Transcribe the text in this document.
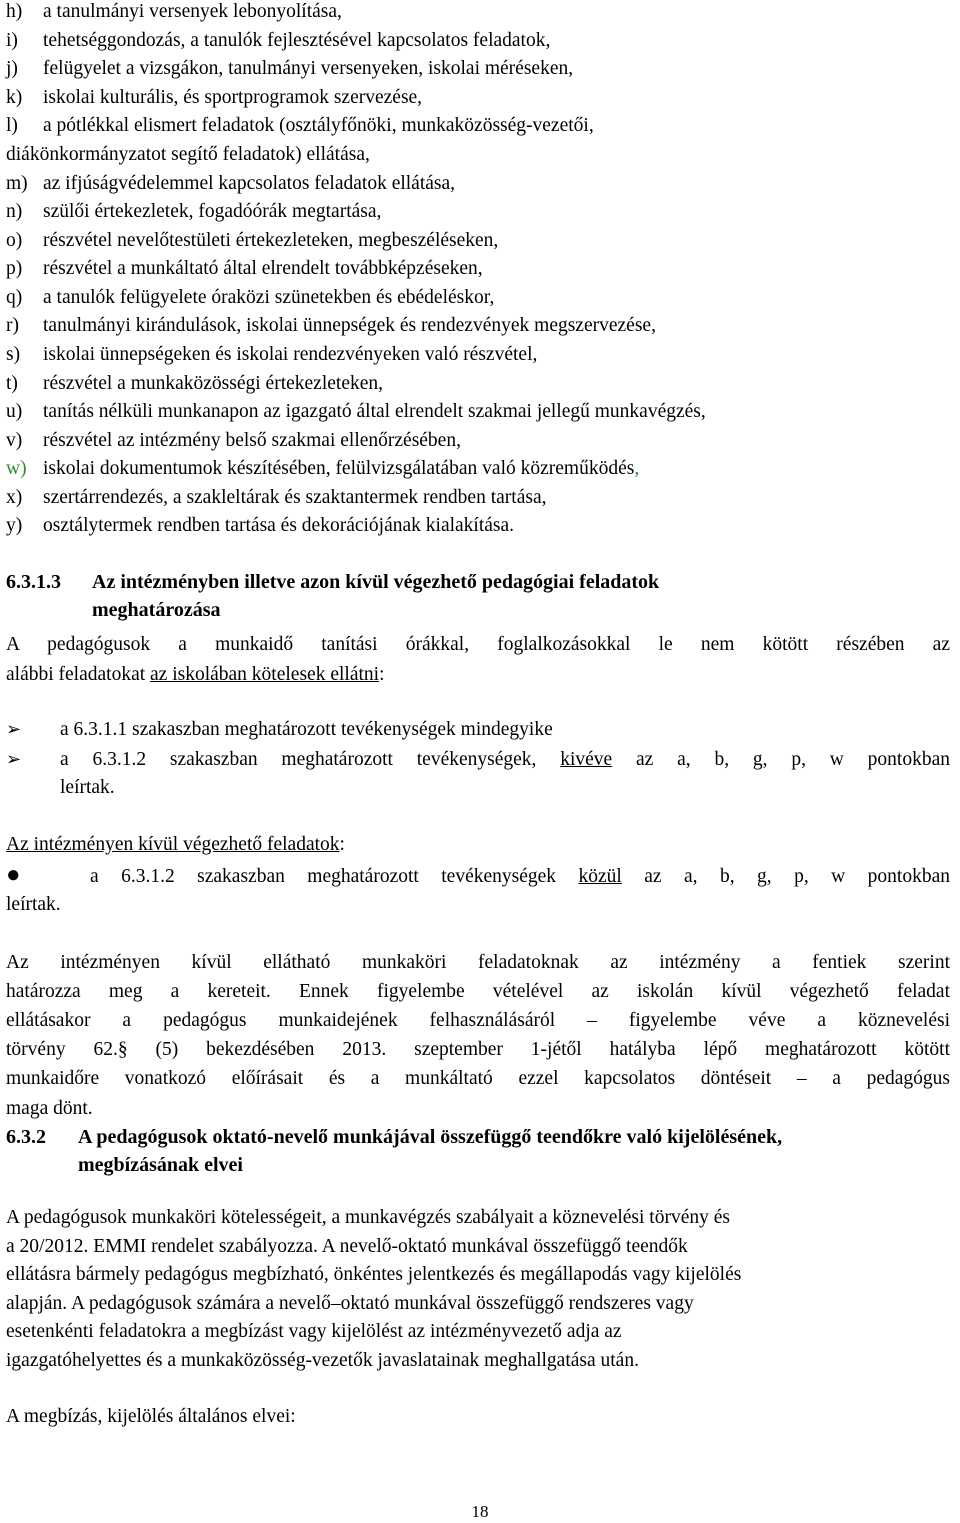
h)	a tanulmányi versenyek lebonyolítása,
i)	tehetséggondozás, a tanulók fejlesztésével kapcsolatos feladatok,
j)	felügyelet a vizsgákon, tanulmányi versenyeken, iskolai méréseken,
k)	iskolai kulturális, és sportprogramok szervezése,
l)	a pótlékkal elismert feladatok (osztályfőnöki, munkaközösség-vezetői,
diákönkormányzatot segítő feladatok) ellátása,
m) az ifjúságvédelemmel kapcsolatos feladatok ellátása,
n)	szülői értekezletek, fogadóórák megtartása,
o)	részvétel nevelőtestületi értekezleteken, megbeszéléseken,
p)	részvétel a munkáltató által elrendelt továbbképzéseken,
q)	a tanulók felügyelete óraközi szünetekben és ebédeléskor,
r)	tanulmányi kirándulások, iskolai ünnepségek és rendezvények megszervezése,
s)	iskolai ünnepségeken és iskolai rendezvényeken való részvétel,
t)	részvétel a munkaközösségi értekezleteken,
u)	tanítás nélküli munkanapon az igazgató által elrendelt szakmai jellegű munkavégzés,
v)	részvétel az intézmény belső szakmai ellenőrzésében,
w) iskolai dokumentumok készítésében, felülvizsgálatában való közreműködés,
x)	szertárrendezés, a szakleltárak és szaktantermek rendben tartása,
y)	osztálytermek rendben tartása és dekorációjának kialakítása.
6.3.1.3 Az intézményben illetve azon kívül végezhető pedagógiai feladatok
meghatározása
A pedagógusok a munkaidő tanítási órákkal, foglalkozásokkal le nem kötött részében az
alábbi feladatokat az iskolában kötelesek ellátni:
➢ a 6.3.1.1 szakaszban meghatározott tevékenységek mindegyike
➢	a 6.3.1.2 szakaszban meghatározott tevékenységek, kivéve az a, b, g, p, w pontokban
leírtak.
Az intézményen kívül végezhető feladatok:
●	a 6.3.1.2 szakaszban meghatározott tevékenységek közül az a, b, g, p, w pontokban
leírtak.
Az intézményen kívül ellátható munkaköri feladatoknak az intézmény a fentiek szerint
határozza meg a kereteit. Ennek figyelembe vételével az iskolán kívül végezhető feladat
ellátásakor a pedagógus munkaidejének felhasználásáról – figyelembe véve a köznevelési
törvény 62.§ (5) bekezdésében 2013. szeptember 1-jétől hatályba lépő meghatározott kötött
munkaidőre vonatkozó előírásait és a munkáltató ezzel kapcsolatos döntéseit – a pedagógus
maga dönt.
6.3.2 A pedagógusok oktató-nevelő munkájával összefüggő teendőkre való kijelölésének,
megbízásának elvei
A pedagógusok munkaköri kötelességeit, a munkavégzés szabályait a köznevelési törvény és
a 20/2012. EMMI rendelet szabályozza. A nevelő-oktató munkával összefüggő teendők
ellátásra bármely pedagógus megbízható, önkéntes jelentkezés és megállapodás vagy kijelölés
alapján. A pedagógusok számára a nevelő–oktató munkával összefüggő rendszeres vagy
esetenkénti feladatokra a megbízást vagy kijelölést az intézményvezető adja az
igazgatóhelyettes és a munkaközösség-vezetők javaslatainak meghallgatása után.
A megbízás, kijelölés általános elvei:
18
